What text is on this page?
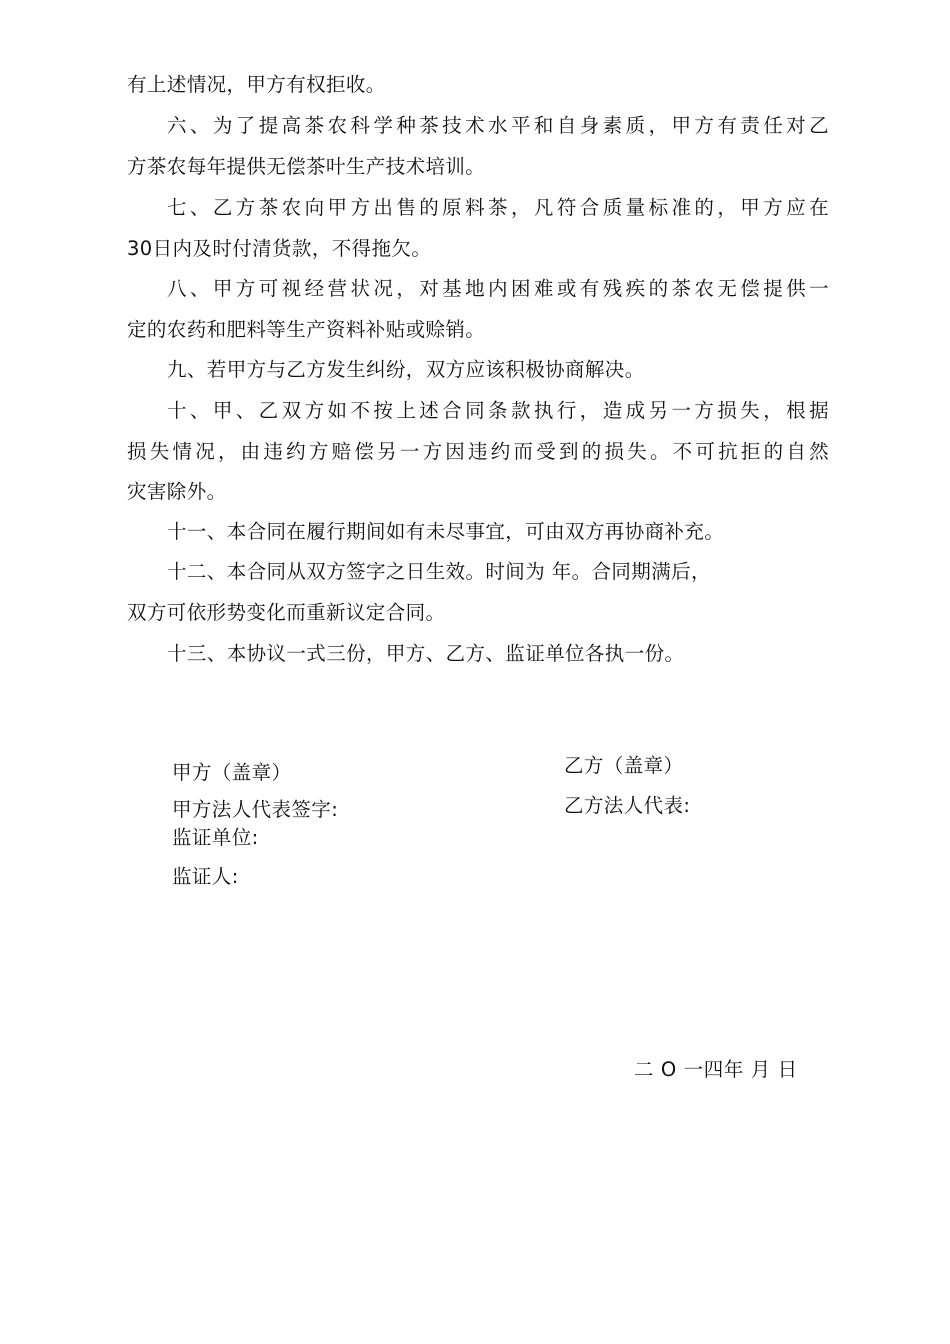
有上述情况，甲方有权拒收。
六、为了提高茶农科学种茶技术水平和自身素质，甲方有责任对乙
方茶农每年提供无偿茶叶生产技术培训。
七、乙方茶农向甲方出售的原料茶，凡符合质量标准的，甲方应在
30日内及时付清货款，不得拖欠。
八、甲方可视经营状况，对基地内困难或有残疾的茶农无偿提供一
定的农药和肥料等生产资料补贴或赊销。
九、若甲方与乙方发生纠纷，双方应该积极协商解决。
十、甲、乙双方如不按上述合同条款执行，造成另一方损失，根据
损失情况，由违约方赔偿另一方因违约而受到的损失。不可抗拒的自然
灾害除外。
十一、本合同在履行期间如有未尽事宜，可由双方再协商补充。
十二、本合同从双方签字之日生效。时间为 年。合同期满后，
双方可依形势变化而重新议定合同。
十三、本协议一式三份，甲方、乙方、监证单位各执一份。
甲方（盖章）
甲方法人代表签字:
监证单位:
监证人:
乙方（盖章）
乙方法人代表:
二 O 一四年 月 日
